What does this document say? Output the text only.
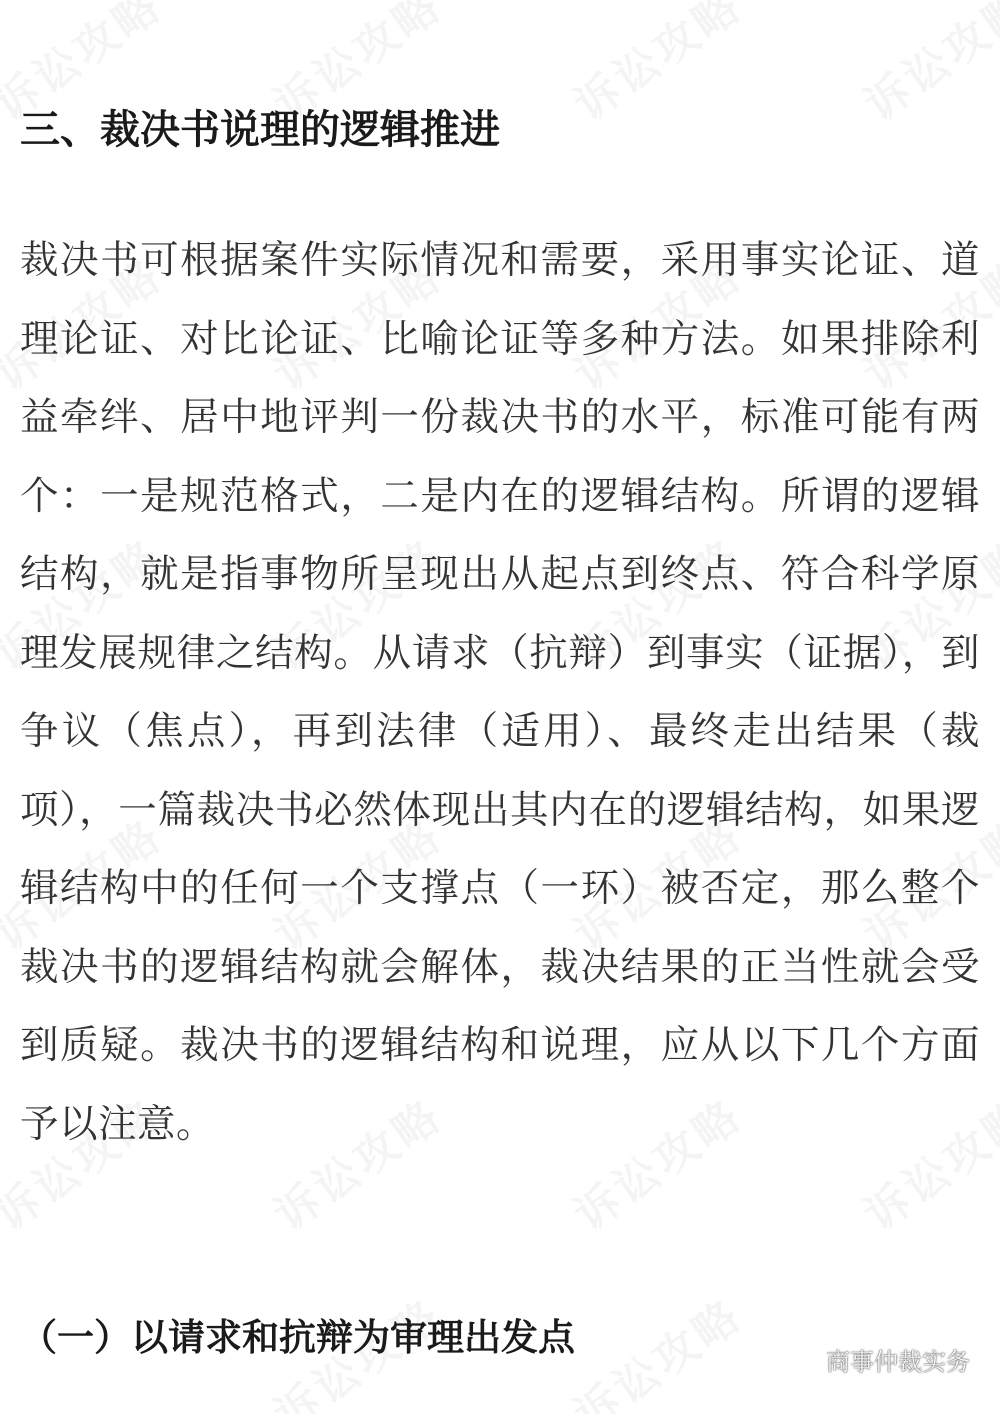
三、裁决书说理的逻辑推进

裁决书可根据案件实际情况和需要，采用事实论证、道理论证、对比论证、比喻论证等多种方法。如果排除利益牵绊、居中地评判一份裁决书的水平，标准可能有两个：一是规范格式，二是内在的逻辑结构。所谓的逻辑结构，就是指事物所呈现出从起点到终点、符合科学原理发展规律之结构。从请求（抗辩）到事实（证据），到争议（焦点），再到法律（适用）、最终走出结果（裁项），一篇裁决书必然体现出其内在的逻辑结构，如果逻辑结构中的任何一个支撑点（一环）被否定，那么整个裁决书的逻辑结构就会解体，裁决结果的正当性就会受到质疑。裁决书的逻辑结构和说理，应从以下几个方面予以注意。

（一）以请求和抗辩为审理出发点
商事仲裁实务
